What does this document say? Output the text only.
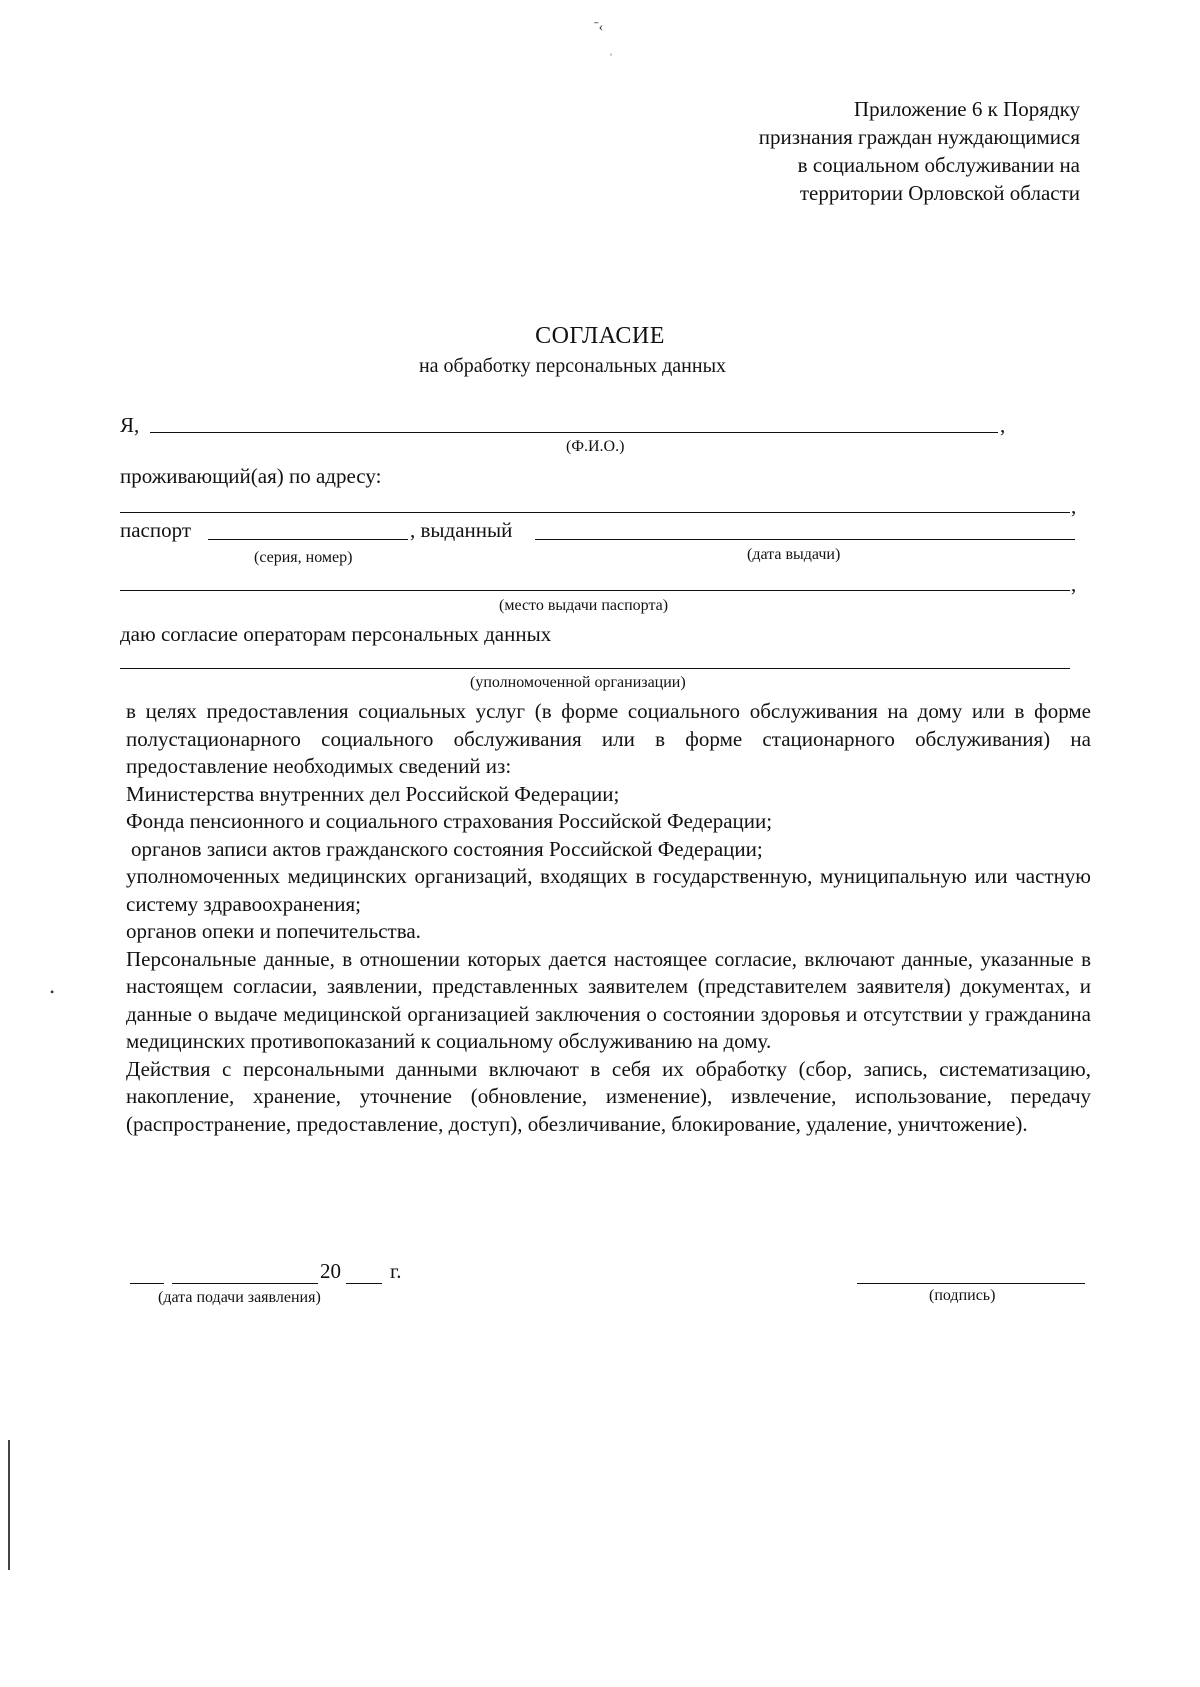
Приложение 6 к Порядку
признания граждан нуждающимися
в социальном обслуживании на
территории Орловской области
СОГЛАСИЕ
на обработку персональных данных
Я,	,
(Ф.И.О.)
проживающий(ая) по адресу:
,
паспорт	, выданный
(серия, номер)	(дата выдачи)
,
(место выдачи паспорта)
даю согласие операторам персональных данных
(уполномоченной организации)

в целях предоставления социальных услуг (в форме социального обслуживания на дому или в форме полустационарного социального обслуживания или в форме стационарного обслуживания) на предоставление необходимых сведений из:

Министерства внутренних дел Российской Федерации;

Фонда пенсионного и социального страхования Российской Федерации;

органов записи актов гражданского состояния Российской Федерации;

уполномоченных медицинских организаций, входящих в государственную, муниципальную или частную систему здравоохранения;

органов опеки и попечительства.

Персональные данные, в отношении которых дается настоящее согласие, включают данные, указанные в настоящем согласии, заявлении, представленных заявителем (представителем заявителя) документах, и данные о выдаче медицинской организацией заключения о состоянии здоровья и отсутствии у гражданина медицинских противопоказаний к социальному обслуживанию на дому.

Действия с персональными данными включают в себя их обработку (сбор, запись, систематизацию, накопление, хранение, уточнение (обновление, изменение), извлечение, использование, передачу (распространение, предоставление, доступ), обезличивание, блокирование, удаление, уничтожение).

20 г.
(дата подачи заявления)	(подпись)
ˉ‹
ˌ
•
